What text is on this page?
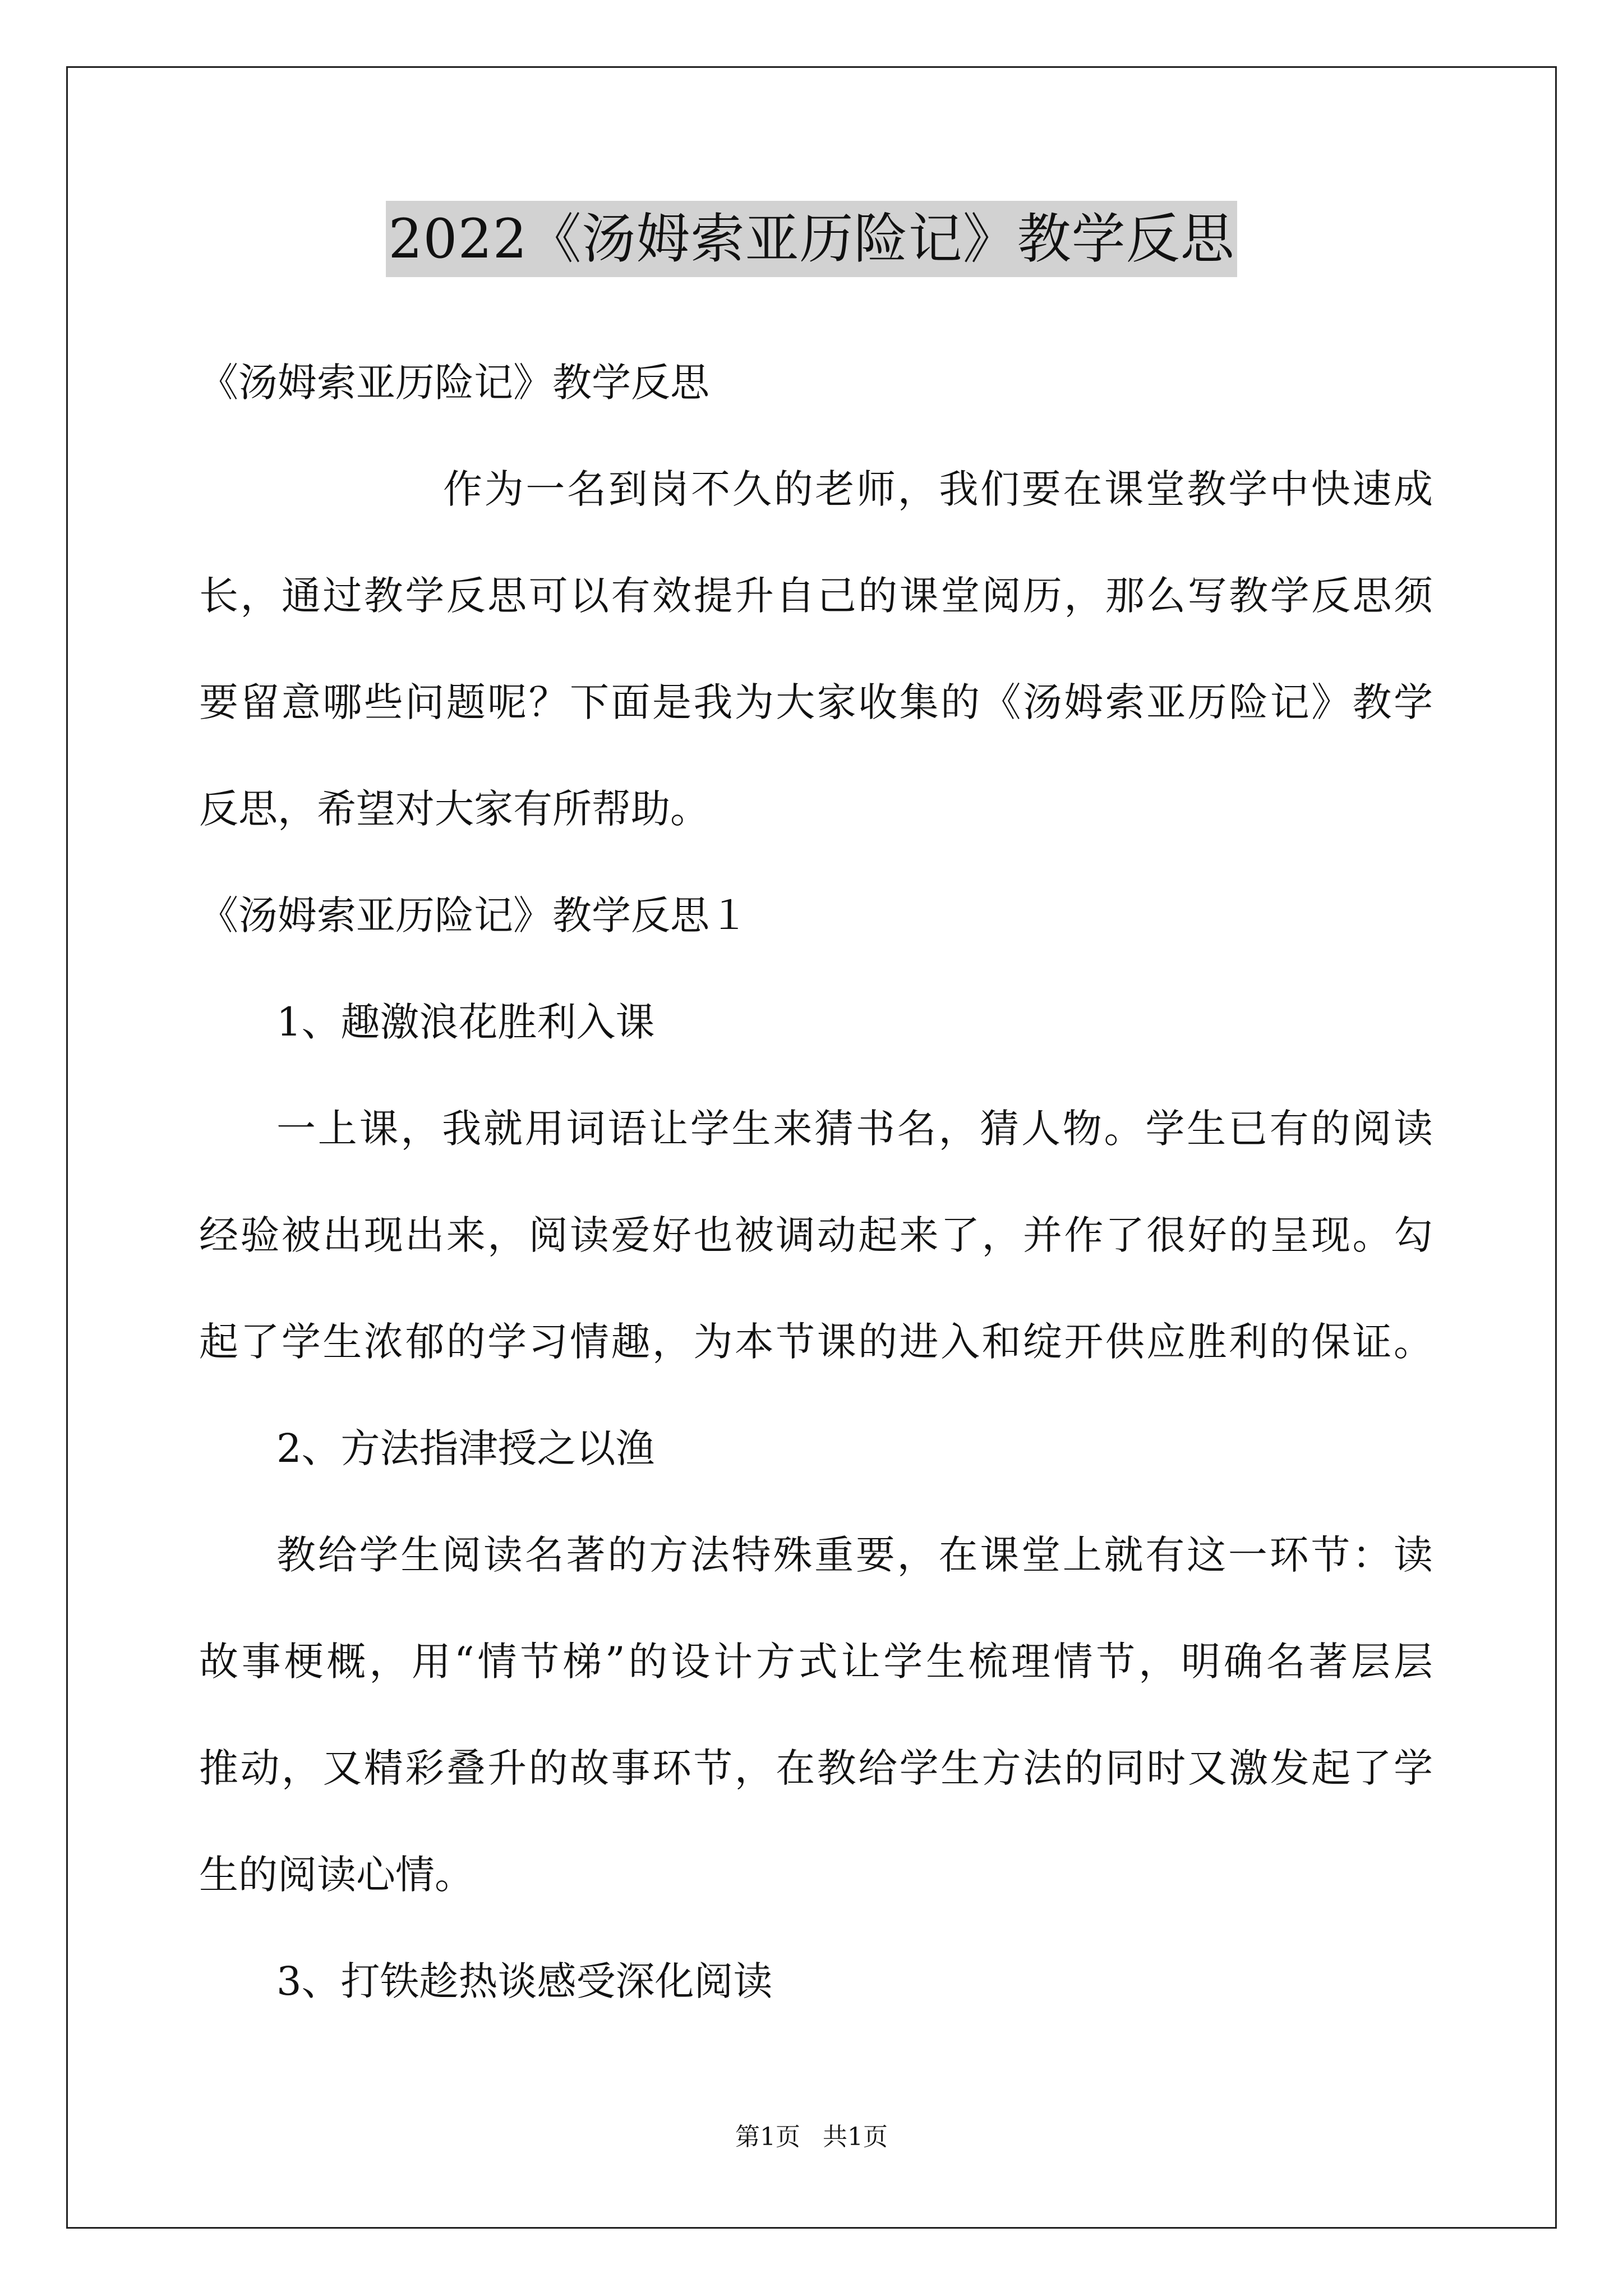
2022《汤姆索亚历险记》教学反思

《汤姆索亚历险记》教学反思

作为一名到岗不久的老师，我们要在课堂教学中快速成

长，通过教学反思可以有效提升自己的课堂阅历，那么写教学反思须

要留意哪些问题呢？下面是我为大家收集的《汤姆索亚历险记》教学

反思，希望对大家有所帮助。

《汤姆索亚历险记》教学反思１

1、趣激浪花胜利入课

一上课，我就用词语让学生来猜书名，猜人物。学生已有的阅读

经验被出现出来，阅读爱好也被调动起来了，并作了很好的呈现。勾

起了学生浓郁的学习情趣，为本节课的进入和绽开供应胜利的保证。

2、方法指津授之以渔

教给学生阅读名著的方法特殊重要，在课堂上就有这一环节：读

故事梗概，用“情节梯”的设计方式让学生梳理情节，明确名著层层

推动，又精彩叠升的故事环节，在教给学生方法的同时又激发起了学

生的阅读心情。

3、打铁趁热谈感受深化阅读

第1页 共1页
